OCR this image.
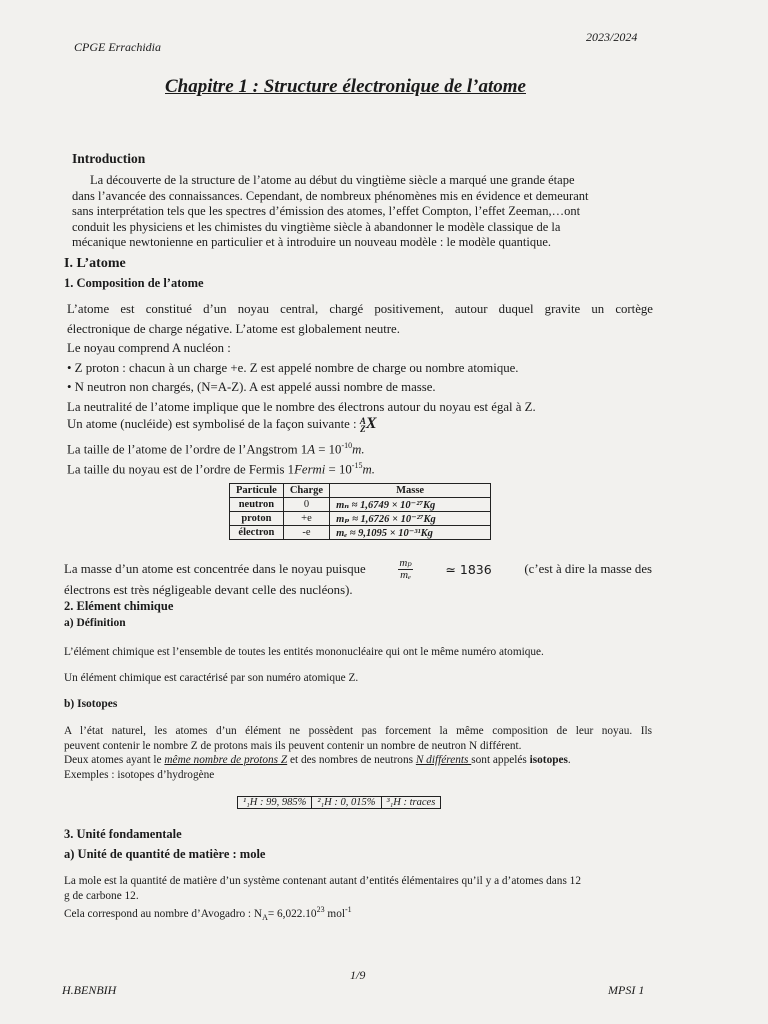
CPGE Errachidia
2023/2024
Chapitre 1 : Structure électronique de l’atome
Introduction
La découverte de la structure de l’atome au début du vingtième siècle a marqué une grande étape
dans l’avancée des connaissances. Cependant, de nombreux phénomènes mis en évidence et demeurant
sans interprétation tels que les spectres d’émission des atomes, l’effet Compton, l’effet Zeeman,…ont
conduit les physiciens et les chimistes du vingtième siècle à abandonner le modèle classique de la
mécanique newtonienne en particulier et à introduire un nouveau modèle : le modèle quantique.
I. L’atome
1. Composition de l’atome
L’atome est constitué d’un noyau central, chargé positivement, autour duquel gravite un cortège
électronique de charge négative. L’atome est globalement neutre.
Le noyau comprend A nucléon :
• Z proton : chacun à un charge +e. Z est appelé nombre de charge ou nombre atomique.
• N neutron non chargés, (N=A-Z). A est appelé aussi nombre de masse.
La neutralité de l’atome implique que le nombre des électrons autour du noyau est égal à Z.
Un atome (nucléide) est symbolisé de la façon suivante : A
Z X
La taille de l’atome de l’ordre de l’Angstrom $1A = 10^{-10}m$.
La taille du noyau est de l’ordre de Fermis 1Fermi = $10^{-15}m$.
Particule	Charge	Masse
neutron	0	mₙ ≈ 1,6749 × 10⁻²⁷Kg
proton	+e	mₚ ≈ 1,6726 × 10⁻²⁷Kg
électron	-e	mₑ ≈ 9,1095 × 10⁻³¹Kg
La masse d’un atome est concentrée dans le noyau puisque	$\frac{\text{mₚ}}{\text{mₑ}}$	≃ 1836	(c’est à dire la masse des
électrons est très négligeable devant celle des nucléons).
2. Elément chimique
a) Définition
L’élément chimique est l’ensemble de toutes les entités mononucléaire qui ont le même numéro atomique.
Un élément chimique est caractérisé par son numéro atomique Z.
b) Isotopes
A l’état naturel, les atomes d’un élément ne possèdent pas forcement la même composition de leur noyau. Ils
peuvent contenir le nombre Z de protons mais ils peuvent contenir un nombre de neutron N différent.
Deux atomes ayant le même nombre de protons Z et des nombres de neutrons N différents sont appelés isotopes.
Exemples : isotopes d’hydrogène
¹₁H : 99, 985%	²₁H : 0, 015%	³₁H : traces
3. Unité fondamentale
a) Unité de quantité de matière : mole
La mole est la quantité de matière d’un système contenant autant d’entités élémentaires qu’il y a d’atomes dans 12
g de carbone 12.
Cela correspond au nombre d’Avogadro : $N_A= 6,022.10^{23}$ mol$^{-1}$
H.BENBIH
1/9
MPSI 1
